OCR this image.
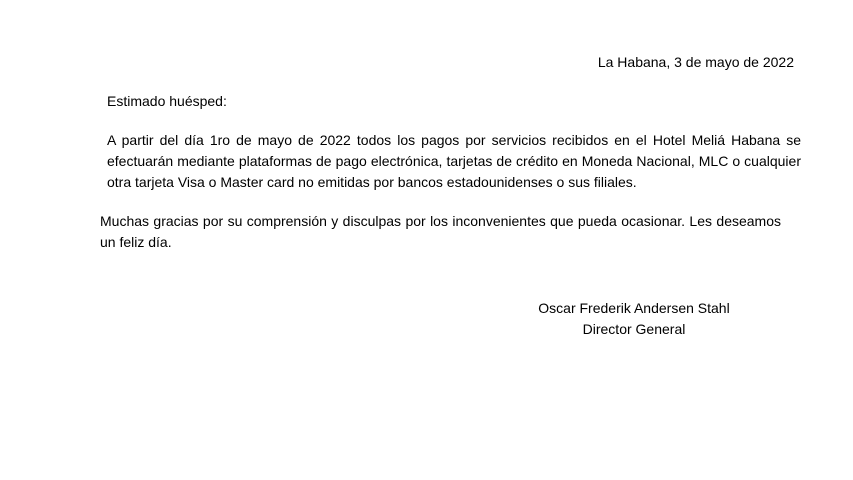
La Habana, 3 de mayo de 2022
Estimado huésped:

A partir del día 1ro de mayo de 2022 todos los pagos por servicios recibidos en el Hotel Meliá Habana se efectuarán mediante plataformas de pago electrónica, tarjetas de crédito en Moneda Nacional, MLC o cualquier otra tarjeta Visa o Master card no emitidas por bancos estadounidenses o sus filiales.

Muchas gracias por su comprensión y disculpas por los inconvenientes que pueda ocasionar. Les deseamos un feliz día.

Oscar Frederik Andersen Stahl
Director General
